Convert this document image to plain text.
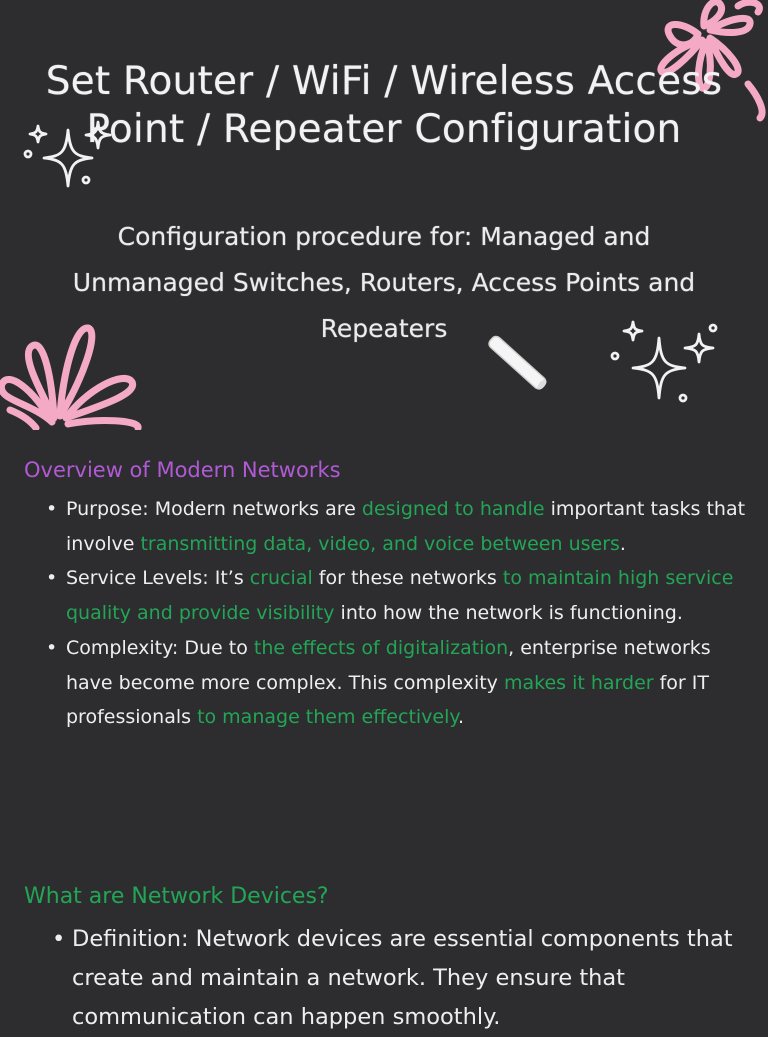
Set Router / WiFi / Wireless Access Point / Repeater Configuration

Configuration procedure for: Managed and Unmanaged Switches, Routers, Access Points and Repeaters

Overview of Modern Networks
• Purpose: Modern networks are designed to handle important tasks that involve transmitting data, video, and voice between users.
• Service Levels: It’s crucial for these networks to maintain high service quality and provide visibility into how the network is functioning.
• Complexity: Due to the effects of digitalization, enterprise networks have become more complex. This complexity makes it harder for IT professionals to manage them effectively.
What are Network Devices?
• Definition: Network devices are essential components that create and maintain a network. They ensure that communication can happen smoothly.
